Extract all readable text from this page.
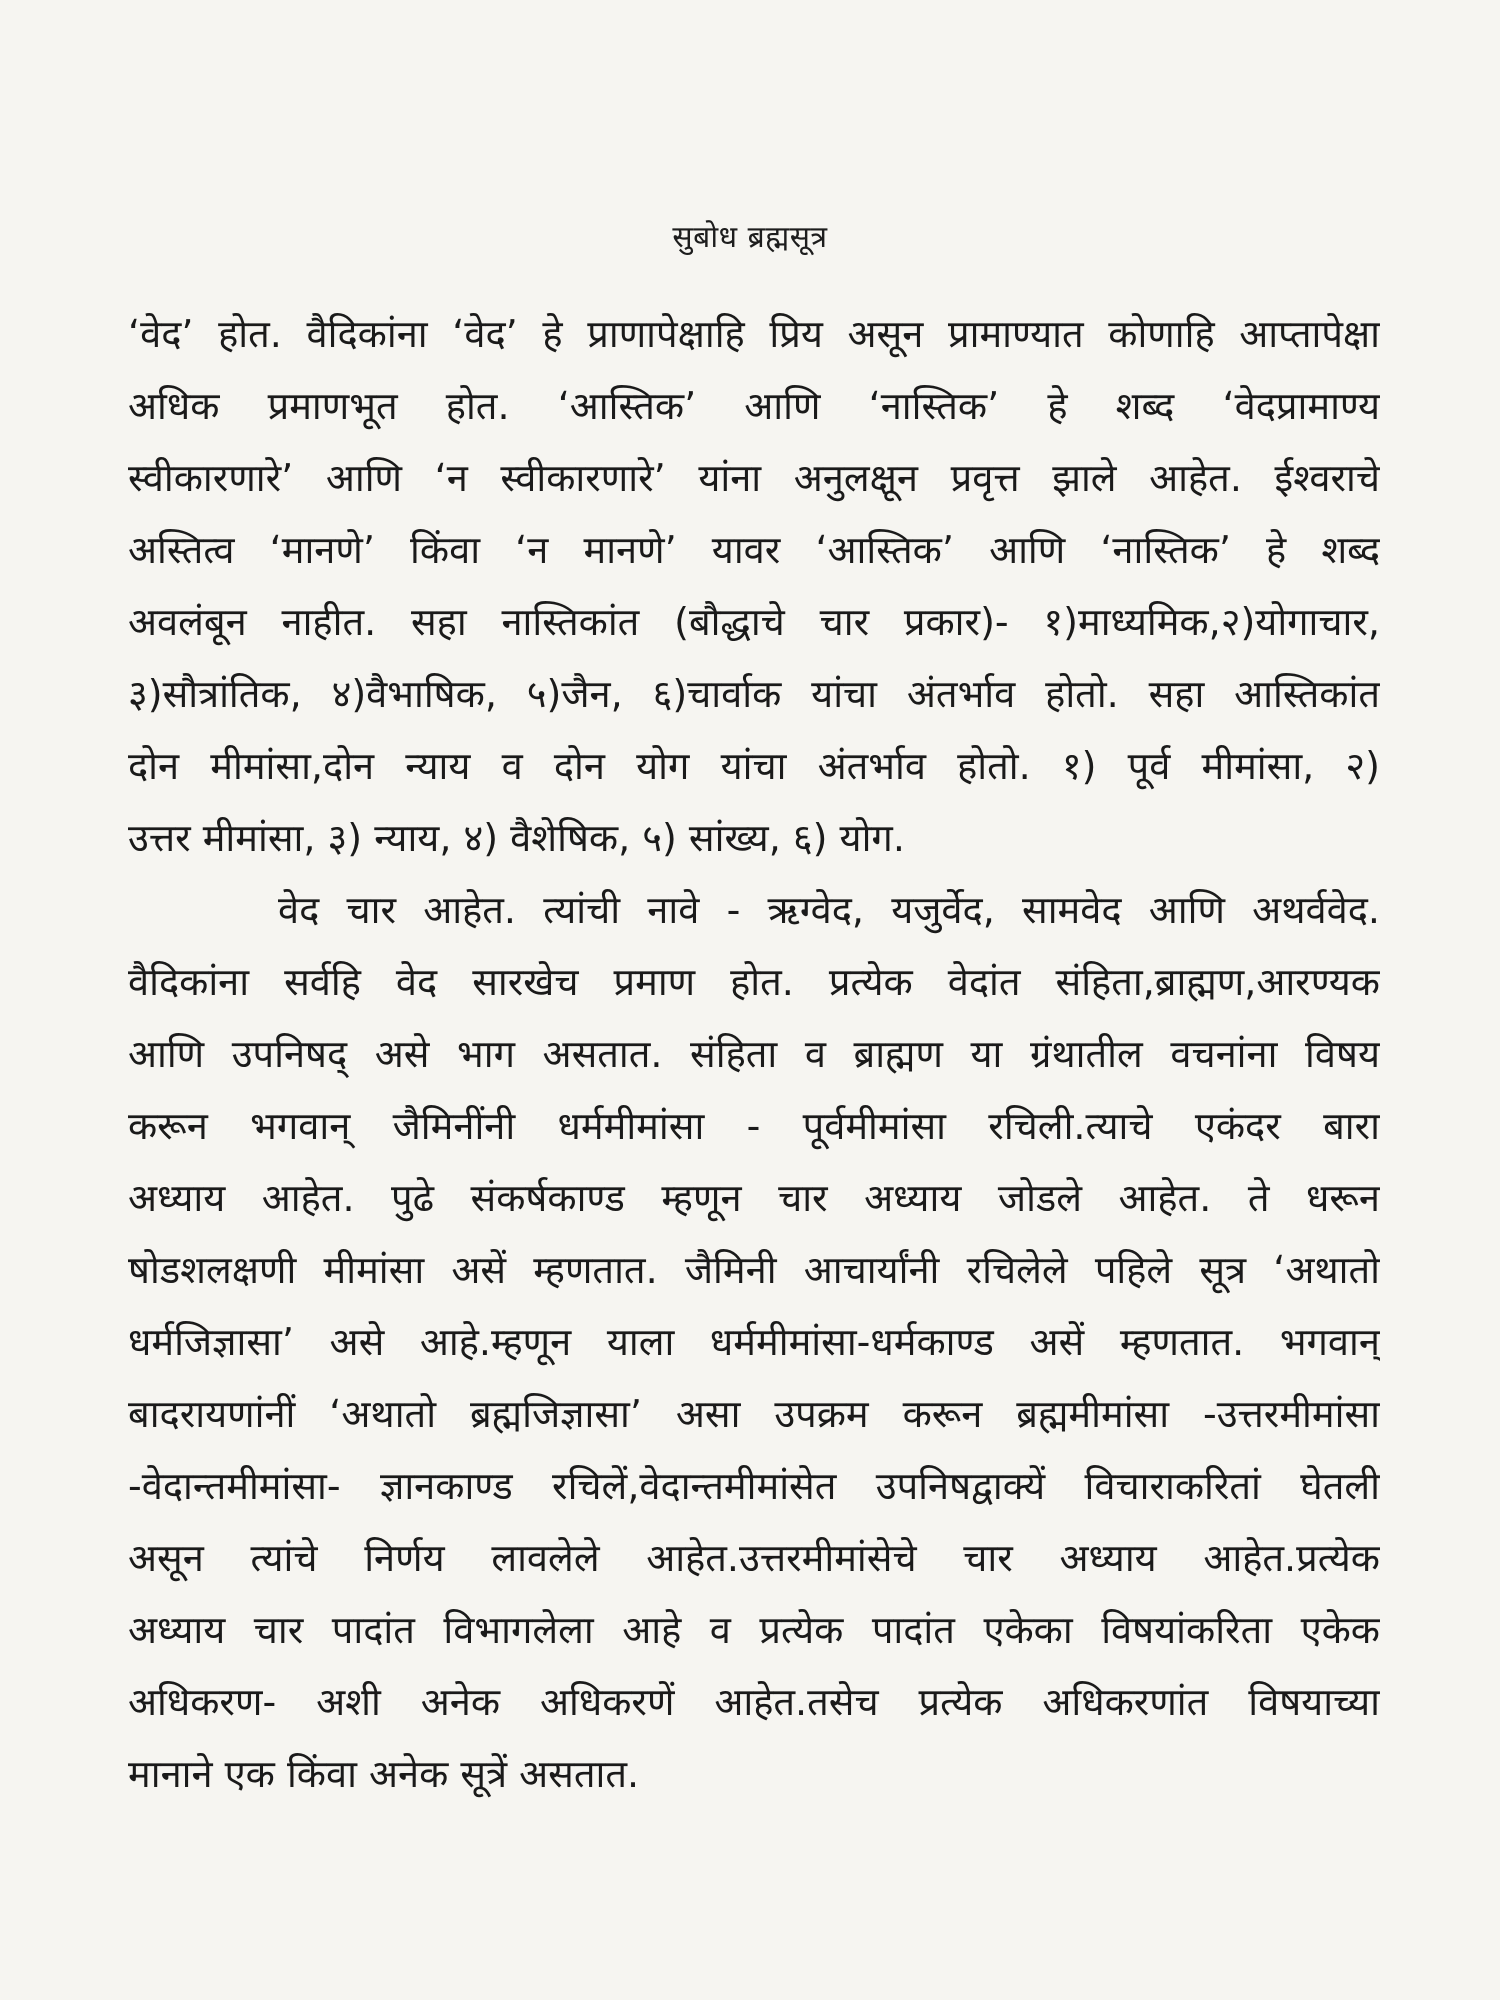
सुबोध ब्रह्मसूत्र
‘वेद’ होत. वैदिकांना ‘वेद’ हे प्राणापेक्षाहि प्रिय असून प्रामाण्यात कोणाहि आप्तापेक्षा
अधिक प्रमाणभूत होत. ‘आस्तिक’ आणि ‘नास्तिक’ हे शब्द ‘वेदप्रामाण्य
स्वीकारणारे’ आणि ‘न स्वीकारणारे’ यांना अनुलक्षून प्रवृत्त झाले आहेत. ईश्वराचे
अस्तित्व ‘मानणे’ किंवा ‘न मानणे’ यावर ‘आस्तिक’ आणि ‘नास्तिक’ हे शब्द
अवलंबून नाहीत. सहा नास्तिकांत (बौद्धाचे चार प्रकार)- १)माध्यमिक,२)योगाचार,
३)सौत्रांतिक, ४)वैभाषिक, ५)जैन, ६)चार्वाक यांचा अंतर्भाव होतो. सहा आस्तिकांत
दोन मीमांसा,दोन न्याय व दोन योग यांचा अंतर्भाव होतो. १) पूर्व मीमांसा, २)
उत्तर मीमांसा, ३) न्याय, ४) वैशेषिक, ५) सांख्य, ६) योग.
वेद चार आहेत. त्यांची नावे - ऋग्वेद, यजुर्वेद, सामवेद आणि अथर्ववेद.
वैदिकांना सर्वहि वेद सारखेच प्रमाण होत. प्रत्येक वेदांत संहिता,ब्राह्मण,आरण्यक
आणि उपनिषद् असे भाग असतात. संहिता व ब्राह्मण या ग्रंथातील वचनांना विषय
करून भगवान् जैमिनींनी धर्ममीमांसा - पूर्वमीमांसा रचिली.त्याचे एकंदर बारा
अध्याय आहेत. पुढे संकर्षकाण्ड म्हणून चार अध्याय जोडले आहेत. ते धरून
षोडशलक्षणी मीमांसा असें म्हणतात. जैमिनी आचार्यांनी रचिलेले पहिले सूत्र ‘अथातो
धर्मजिज्ञासा’ असे आहे.म्हणून याला धर्ममीमांसा-धर्मकाण्ड असें म्हणतात. भगवान्
बादरायणांनीं ‘अथातो ब्रह्मजिज्ञासा’ असा उपक्रम करून ब्रह्ममीमांसा -उत्तरमीमांसा
-वेदान्तमीमांसा- ज्ञानकाण्ड रचिलें,वेदान्तमीमांसेत उपनिषद्वाक्यें विचाराकरितां घेतली
असून त्यांचे निर्णय लावलेले आहेत.उत्तरमीमांसेचे चार अध्याय आहेत.प्रत्येक
अध्याय चार पादांत विभागलेला आहे व प्रत्येक पादांत एकेका विषयांकरिता एकेक
अधिकरण- अशी अनेक अधिकरणें आहेत.तसेच प्रत्येक अधिकरणांत विषयाच्या
मानाने एक किंवा अनेक सूत्रें असतात.
